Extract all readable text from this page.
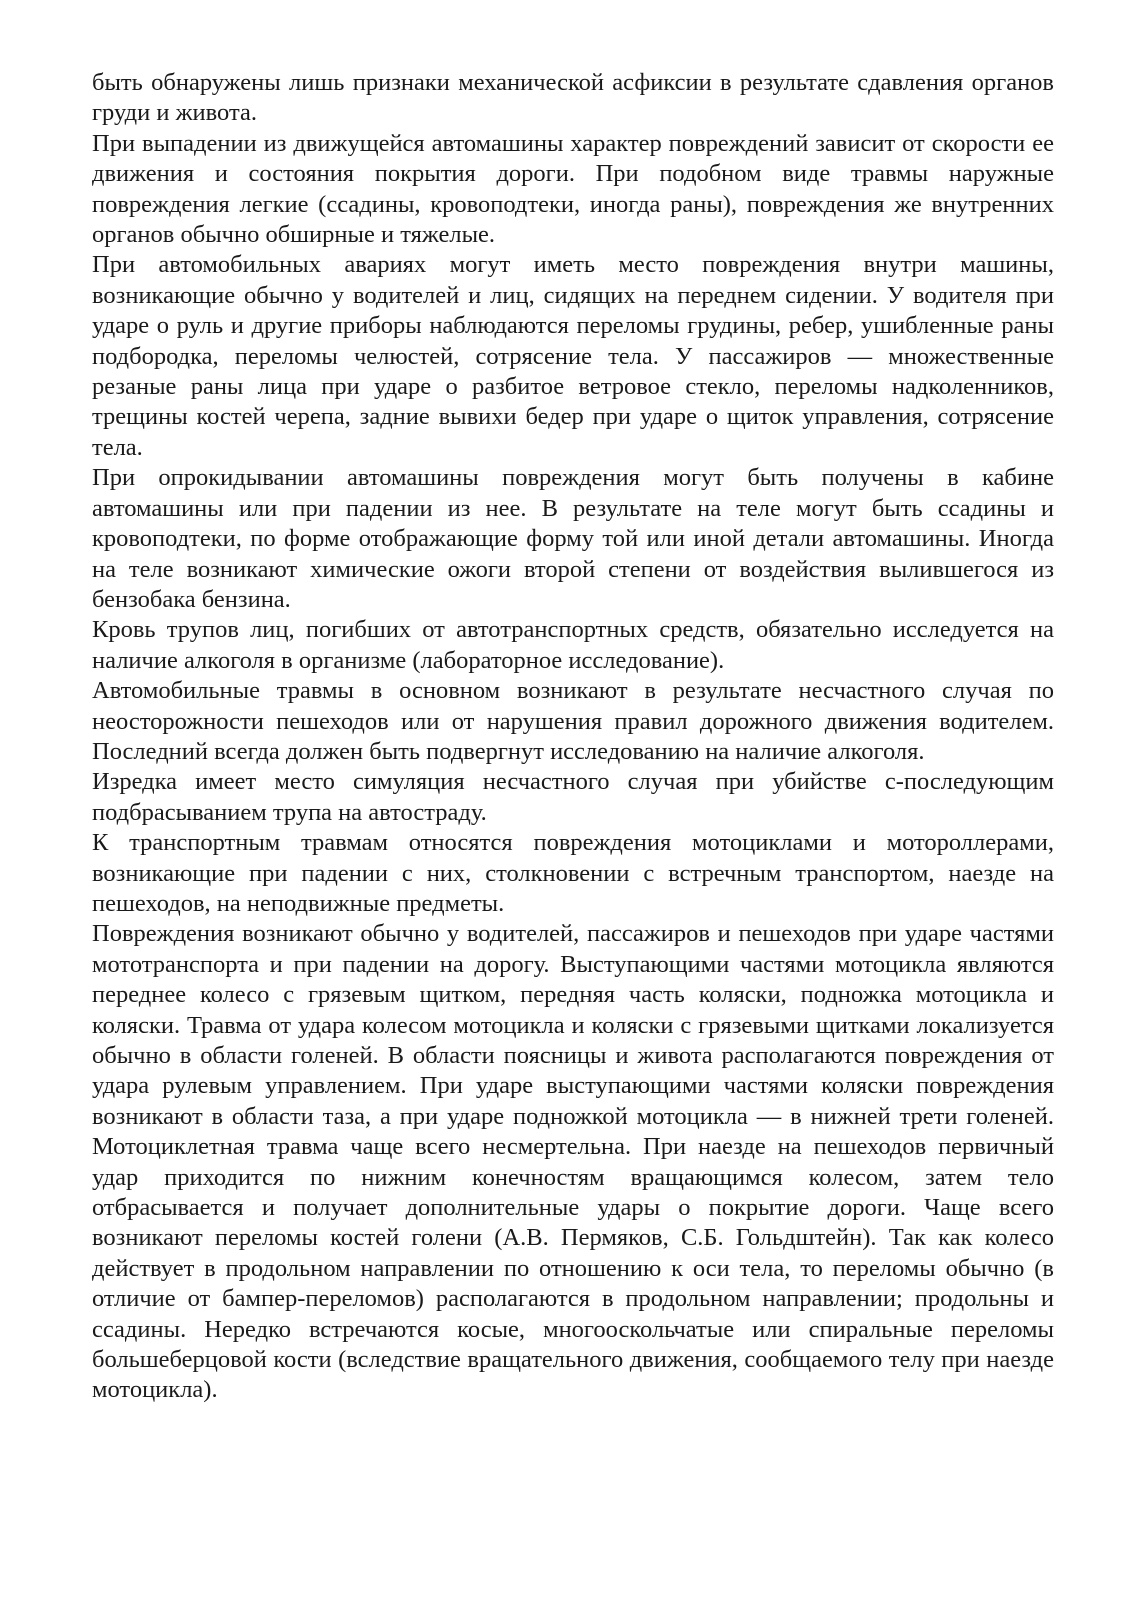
быть обнаружены лишь признаки механической асфиксии в результате сдавления органов груди и живота.

При выпадении из движущейся автомашины характер повреждений зависит от скорости ее движения и состояния покрытия дороги. При подобном виде травмы наружные повреждения легкие (ссадины, кровоподтеки, иногда раны), повреждения же внутренних органов обычно обширные и тяжелые.

При автомобильных авариях могут иметь место повреждения внутри машины, возникающие обычно у водителей и лиц, сидящих на переднем сидении. У водителя при ударе о руль и другие приборы наблюдаются переломы грудины, ребер, ушибленные раны подбородка, переломы челюстей, сотрясение тела. У пассажиров — множественные резаные раны лица при ударе о разбитое ветровое стекло, переломы надколенников, трещины костей черепа, задние вывихи бедер при ударе о щиток управления, сотрясение тела.

При опрокидывании автомашины повреждения могут быть получены в кабине автомашины или при падении из нее. В результате на теле могут быть ссадины и кровоподтеки, по форме отображающие форму той или иной детали автомашины. Иногда на теле возникают химические ожоги второй степени от воздействия вылившегося из бензобака бензина.

Кровь трупов лиц, погибших от автотранспортных средств, обязательно исследуется на наличие алкоголя в организме (лабораторное исследование).

Автомобильные травмы в основном возникают в результате несчастного случая по неосторожности пешеходов или от нарушения правил дорожного движения водителем. Последний всегда должен быть подвергнут исследованию на наличие алкоголя.

Изредка имеет место симуляция несчастного случая при убийстве с-последующим подбрасыванием трупа на автостраду.

К транспортным травмам относятся повреждения мотоциклами и мотороллерами, возникающие при падении с них, столкновении с встречным транспортом, наезде на пешеходов, на неподвижные предметы.

Повреждения возникают обычно у водителей, пассажиров и пешеходов при ударе частями мототранспорта и при падении на дорогу. Выступающими частями мотоцикла являются переднее колесо с грязевым щитком, передняя часть коляски, подножка мотоцикла и коляски. Травма от удара колесом мотоцикла и коляски с грязевыми щитками локализуется обычно в области голеней. В области поясницы и живота располагаются повреждения от удара рулевым управлением. При ударе выступающими частями коляски повреждения возникают в области таза, а при ударе подножкой мотоцикла — в нижней трети голеней. Мотоциклетная травма чаще всего несмертельна. При наезде на пешеходов первичный удар приходится по нижним конечностям вращающимся колесом, затем тело отбрасывается и получает дополнительные удары о покрытие дороги. Чаще всего возникают переломы костей голени (А.В. Пермяков, С.Б. Гольдштейн). Так как колесо действует в продольном направлении по отношению к оси тела, то переломы обычно (в отличие от бампер-переломов) располагаются в продольном направлении; продольны и ссадины. Нередко встречаются косые, многооскольчатые или спиральные переломы большеберцовой кости (вследствие вращательного движения, сообщаемого телу при наезде мотоцикла).
